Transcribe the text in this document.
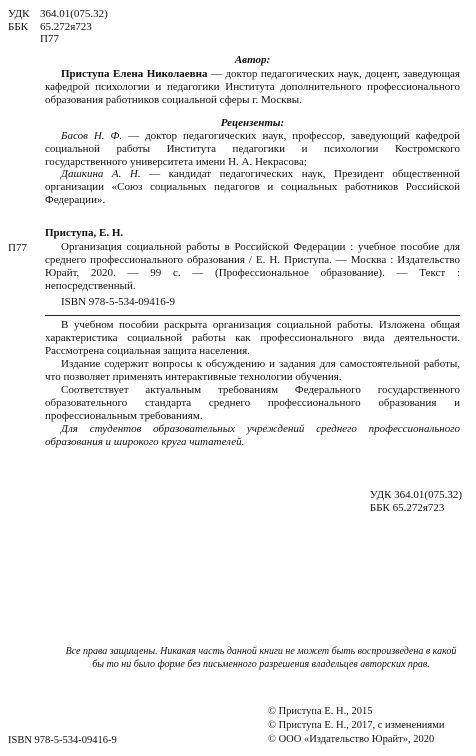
УДК 364.01(075.32)
ББК	65.272я723
П77
Автор:
Приступа Елена Николаевна — доктор педагогических наук, доцент, заведующая кафедрой психологии и педагогики Института дополнительного профессионального образования работников социальной сферы г. Москвы.
Рецензенты:
Басов Н. Ф. — доктор педагогических наук, профессор, заведующий кафедрой социальной работы Института педагогики и психологии Костромского государственного университета имени Н. А. Некрасова;
Дашкина А. Н. — кандидат педагогических наук, Президент общественной организации «Союз социальных педагогов и социальных работников Российской Федерации».
П77
Приступа, Е. Н.
Организация социальной работы в Российской Федерации : учебное пособие для среднего профессионального образования / Е. Н. Приступа. — Москва : Издательство Юрайт, 2020. — 99 с. — (Профессиональное образование). — Текст : непосредственный.
ISBN 978-5-534-09416-9
В учебном пособии раскрыта организация социальной работы. Изложена общая характеристика социальной работы как профессионального вида деятельности. Рассмотрена социальная защита населения.
Издание содержит вопросы к обсуждению и задания для самостоятельной работы, что позволяет применять интерактивные технологии обучения.
Соответствует актуальным требованиям Федерального государственного образовательного стандарта среднего профессионального образования и профессиональным требованиям.
Для студентов образовательных учреждений среднего профессионального образования и широкого круга читателей.
УДК 364.01(075.32)
ББК 65.272я723
Все права защищены. Никакая часть данной книги не может быть воспроизведена в какой бы то ни было форме без письменного разрешения владельцев авторских прав.
ISBN 978-5-534-09416-9
© Приступа Е. Н., 2015
© Приступа Е. Н., 2017, с изменениями
© ООО «Издательство Юрайт», 2020
